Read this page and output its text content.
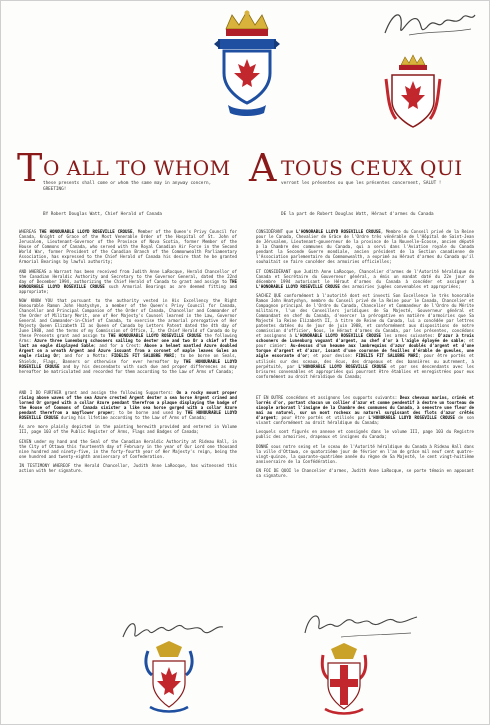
T O ALL TO WHOM A TOUS CEUX QUI
these presents shall come or whom the same may in anyway concern, GREETING!
verront les présentes ou que les présentes concernent, SALUT !
BY Robert Douglas Watt, Chief Herald of Canada	DE la part de Robert Douglas Watt, Héraut d'armes du Canada

WHEREAS THE HONOURABLE LLOYD ROSEVILLE CROUSE, Member of the Queen's Privy Council for Canada, Knight of Grace of the Most Venerable Order of the Hospital of St. John of Jerusalem, Lieutenant-Governor of the Province of Nova Scotia, former Member of the House of Commons of Canada, who served with the Royal Canadian Air Force in the Second World War, former President of the Canadian Branch of the Commonwealth Parliamentary Association, has expressed to the Chief Herald of Canada his desire that he be granted Armorial Bearings by lawful authority;

AND WHEREAS a Warrant has been received from Judith Anne LaRocque, Herald Chancellor of the Canadian Heraldic Authority and Secretary to the Governor General, dated the 22nd day of December 1994, authorizing the Chief Herald of Canada to grant and assign to THE HONOURABLE LLOYD ROSEVILLE CROUSE such Armorial Bearings as are deemed fitting and appropriate;

NOW KNOW YOU that pursuant to the authority vested in His Excellency the Right Honourable Ramon John Hnatyshyn, a member of the Queen's Privy Council for Canada, Chancellor and Principal Companion of the Order of Canada, Chancellor and Commander of the Order of Military Merit, one of Her Majesty's Counsel learned in the Law, Governor General and Commander-in-Chief of Canada, to exercise the armorial prerogative of Her Majesty Queen Elizabeth II as Queen of Canada by Letters Patent dated the 4th day of June 1988, and the terms of my Commission of Office, I, the Chief Herald of Canada do by these Presents grant and assign to THE HONOURABLE LLOYD ROSEVILLE CROUSE the following Arms: Azure three Lunenburg schooners sailing to dexter one and two Or a chief of the last an eagle displayed Sable; and for a Crest: Above a helmet mantled Azure doubled Argent on a wreath Argent and Azure issuant from a coronet of maple leaves Gules an eagle rising Or; and for a Motto: FIDELIS FIT SALUBRE MARI; to be borne on Seals, Shields, Flags, Banners or otherwise for ever hereafter by THE HONOURABLE LLOYD ROSEVILLE CROUSE and by his descendants with such due and proper differences as may hereafter be matriculated and recorded for them according to the Law of Arms of Canada;

AND I DO FURTHER grant and assign the following Supporters: On a rocky mount proper rising above waves of the sea Azure crested Argent dexter a sea horse Argent crined and lorned Or gorged with a collar Azure pendant therefrom a plaque displaying the badge of the House of Commons of Canada sinister a like sea horse gorged with a collar Azure pendant therefrom a mayflower proper; to be borne and used by THE HONOURABLE LLOYD ROSEVILLE CROUSE during his lifetime according to the Law of Arms of Canada;

As are more plainly depicted in the painting herewith provided and entered in Volume III, page 103 of the Public Register of Arms, Flags and Badges of Canada;

GIVEN under my hand and the Seal of the Canadian Heraldic Authority at Rideau Hall, in the City of Ottawa this fourteenth day of February in the year of Our Lord one thousand nine hundred and ninety-five, in the forty-fourth year of Her Majesty's reign, being the one hundred and twenty-eighth anniversary of Confederation.

IN TESTIMONY WHEREOF the Herald Chancellor, Judith Anne LaRocque, has witnessed this action with her signature.

CONSIDÉRANT que L'HONORABLE LLOYD ROSEVILLE CROUSE, Membre du Conseil privé de la Reine pour le Canada, Chevalier de Grâce de l'Ordre très vénérable de l'Hôpital de Saint-Jean de Jérusalem, Lieutenant-gouverneur de la province de la Nouvelle-Écosse, ancien député à la Chambre des communes du Canada, qui a servi dans l'Aviation royale du Canada pendant la Seconde Guerre mondiale, ancien président de la Section canadienne de l'Association parlementaire du Commonwealth, a exprimé au Héraut d'armes du Canada qu'il souhaitait se faire concéder des armoiries officielles;

ET CONSIDÉRANT que Judith Anne LaRocque, Chancelier d'armes de l'Autorité héraldique du Canada et Secrétaire du Gouverneur général, a émis un mandat daté du 22e jour de décembre 1994 autorisant le Héraut d'armes du Canada à concéder et assigner à L'HONORABLE LLOYD ROSEVILLE CROUSE des armoiries jugées convenables et appropriées;

SACHEZ QUE conformément à l'autorité dont est investi Son Excellence le très honorable Ramon John Hnatyshyn, membre du Conseil privé de la Reine pour le Canada, Chancelier et Compagnon principal de l'Ordre du Canada, Chancelier et Commandeur de l'Ordre du Mérite militaire, l'un des Conseillers juridiques de Sa Majesté, Gouverneur général et Commandant en chef du Canada, d'exercer la prérogative en matière d'armoiries que Sa Majesté la Reine Elizabeth II, à titre de Reine du Canada, lui a concédée par lettres patentes datées du 4e jour de juin 1988, et conformément aux dispositions de notre commission d'officier, Nous, le Héraut d'armes du Canada, par les présentes, concédons et assignons à L'HONORABLE LLOYD ROSEVILLE CROUSE les armes suivantes: D'azur à trois schooners de Lunenburg voguant d'argent, au chef d'or à l'aigle éployée de sable; et pour cimier: Au-dessus d'un heaume aux lambrequins d'azur doublés d'argent et d'une torque d'argent et d'azur, issant d'une couronne de feuilles d'érable de gueules, une aigle essorante d'or; et pour devise: FIDELIS FIT SALUBRE MARI; pour être portés et utilisés sur des sceaux, des écus, des drapeaux et des bannières ou autrement, à perpétuité, par L'HONORABLE LLOYD ROSEVILLE CROUSE et par ses descendants avec les brisures convenables et appropriées qui pourront être établies et enregistrées pour eux conformément au droit héraldique du Canada;

ET EN OUTRE concédons et assignons les supports suivants: Deux chevaux marins, crinés et lorrés d'or, portant chacun un collier d'azur et comme pendentif à dextre un tourteau de sinople arborant l'insigne de la Chambre des communes du Canada, à senestre une fleur de mai au naturel, sur un mont rocheux au naturel surgissant des flots d'azur crêtés d'argent; pour être portés et utilisés par L'HONORABLE LLOYD ROSEVILLE CROUSE de son vivant conformément au droit héraldique du Canada;

Lesquels sont figurés en annexe et consignés dans le volume III, page 103 du Registre public des armoiries, drapeaux et insignes du Canada;

DONNÉ sous notre seing et le sceau de l'Autorité héraldique du Canada à Rideau Hall dans la ville d'Ottawa, ce quatorzième jour de février en l'an de grâce mil neuf cent quatre-vingt-quinze, la quarante-quatrième année du règne de Sa Majesté, le cent vingt-huitième anniversaire de la Confédération.

EN FOI DE QUOI le Chancelier d'armes, Judith Anne LaRocque, se porte témoin en apposant sa signature.
